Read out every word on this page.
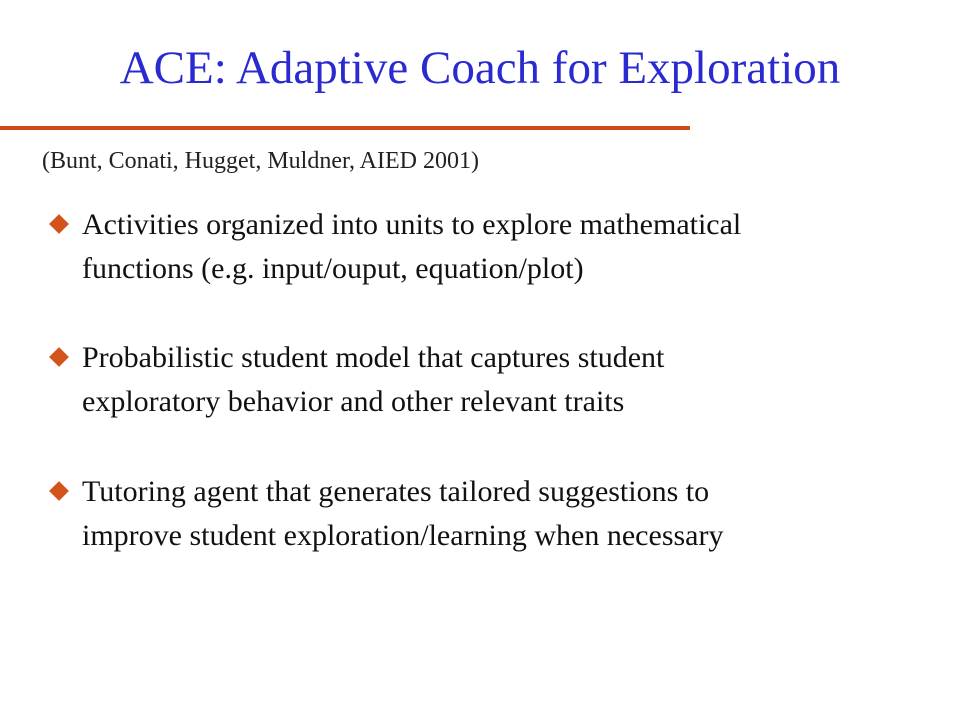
ACE: Adaptive Coach for Exploration
(Bunt, Conati, Hugget, Muldner, AIED 2001)
Activities organized into units to explore mathematical
functions (e.g. input/ouput, equation/plot)
Probabilistic student model that captures student
exploratory behavior and other relevant traits
Tutoring agent that generates tailored suggestions to
improve student exploration/learning when necessary
